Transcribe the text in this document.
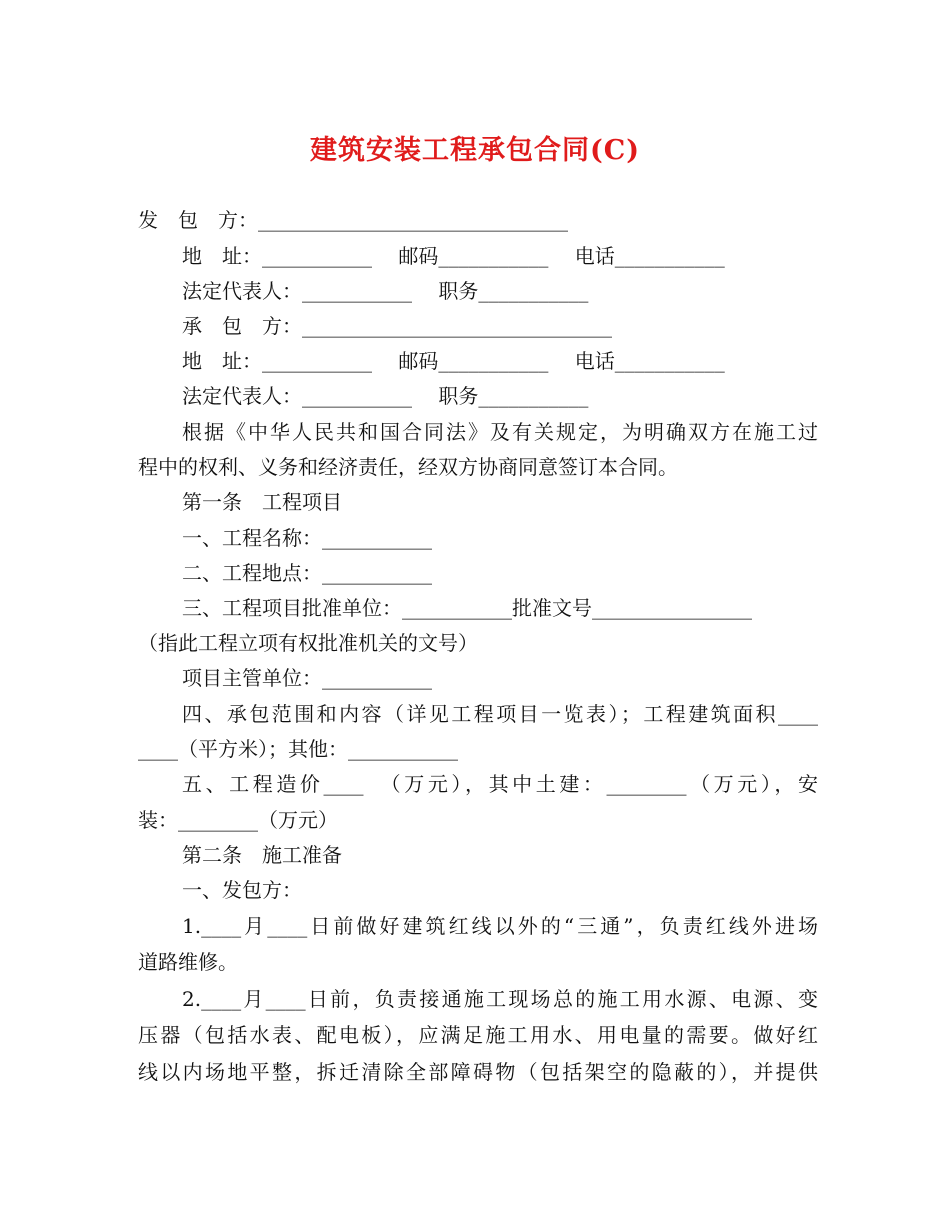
建筑安装工程承包合同(C)
发　包　方：_______________________________
地　址：___________　 邮码___________　 电话___________
法定代表人：___________　 职务___________
承　包　方：_______________________________
地　址：___________　 邮码___________　 电话___________
法定代表人：___________　 职务___________
根据《中华人民共和国合同法》及有关规定，为明确双方在施工过
程中的权利、义务和经济责任，经双方协商同意签订本合同。
第一条　工程项目
一、工程名称：___________
二、工程地点：___________
三、工程项目批准单位：___________批准文号________________
（指此工程立项有权批准机关的文号）
项目主管单位：___________
四、承包范围和内容（详见工程项目一览表）；工程建筑面积____
____（平方米）；其他：___________
五、工程造价____　（万元），其中土建：________（万元），安
装：________（万元）
第二条　施工准备
一、发包方：
1.____月____日前做好建筑红线以外的“三通”，负责红线外进场
道路维修。
2.____月____日前，负责接通施工现场总的施工用水源、电源、变
压器（包括水表、配电板），应满足施工用水、用电量的需要。做好红
线以内场地平整，拆迁清除全部障碍物（包括架空的隐蔽的），并提供
